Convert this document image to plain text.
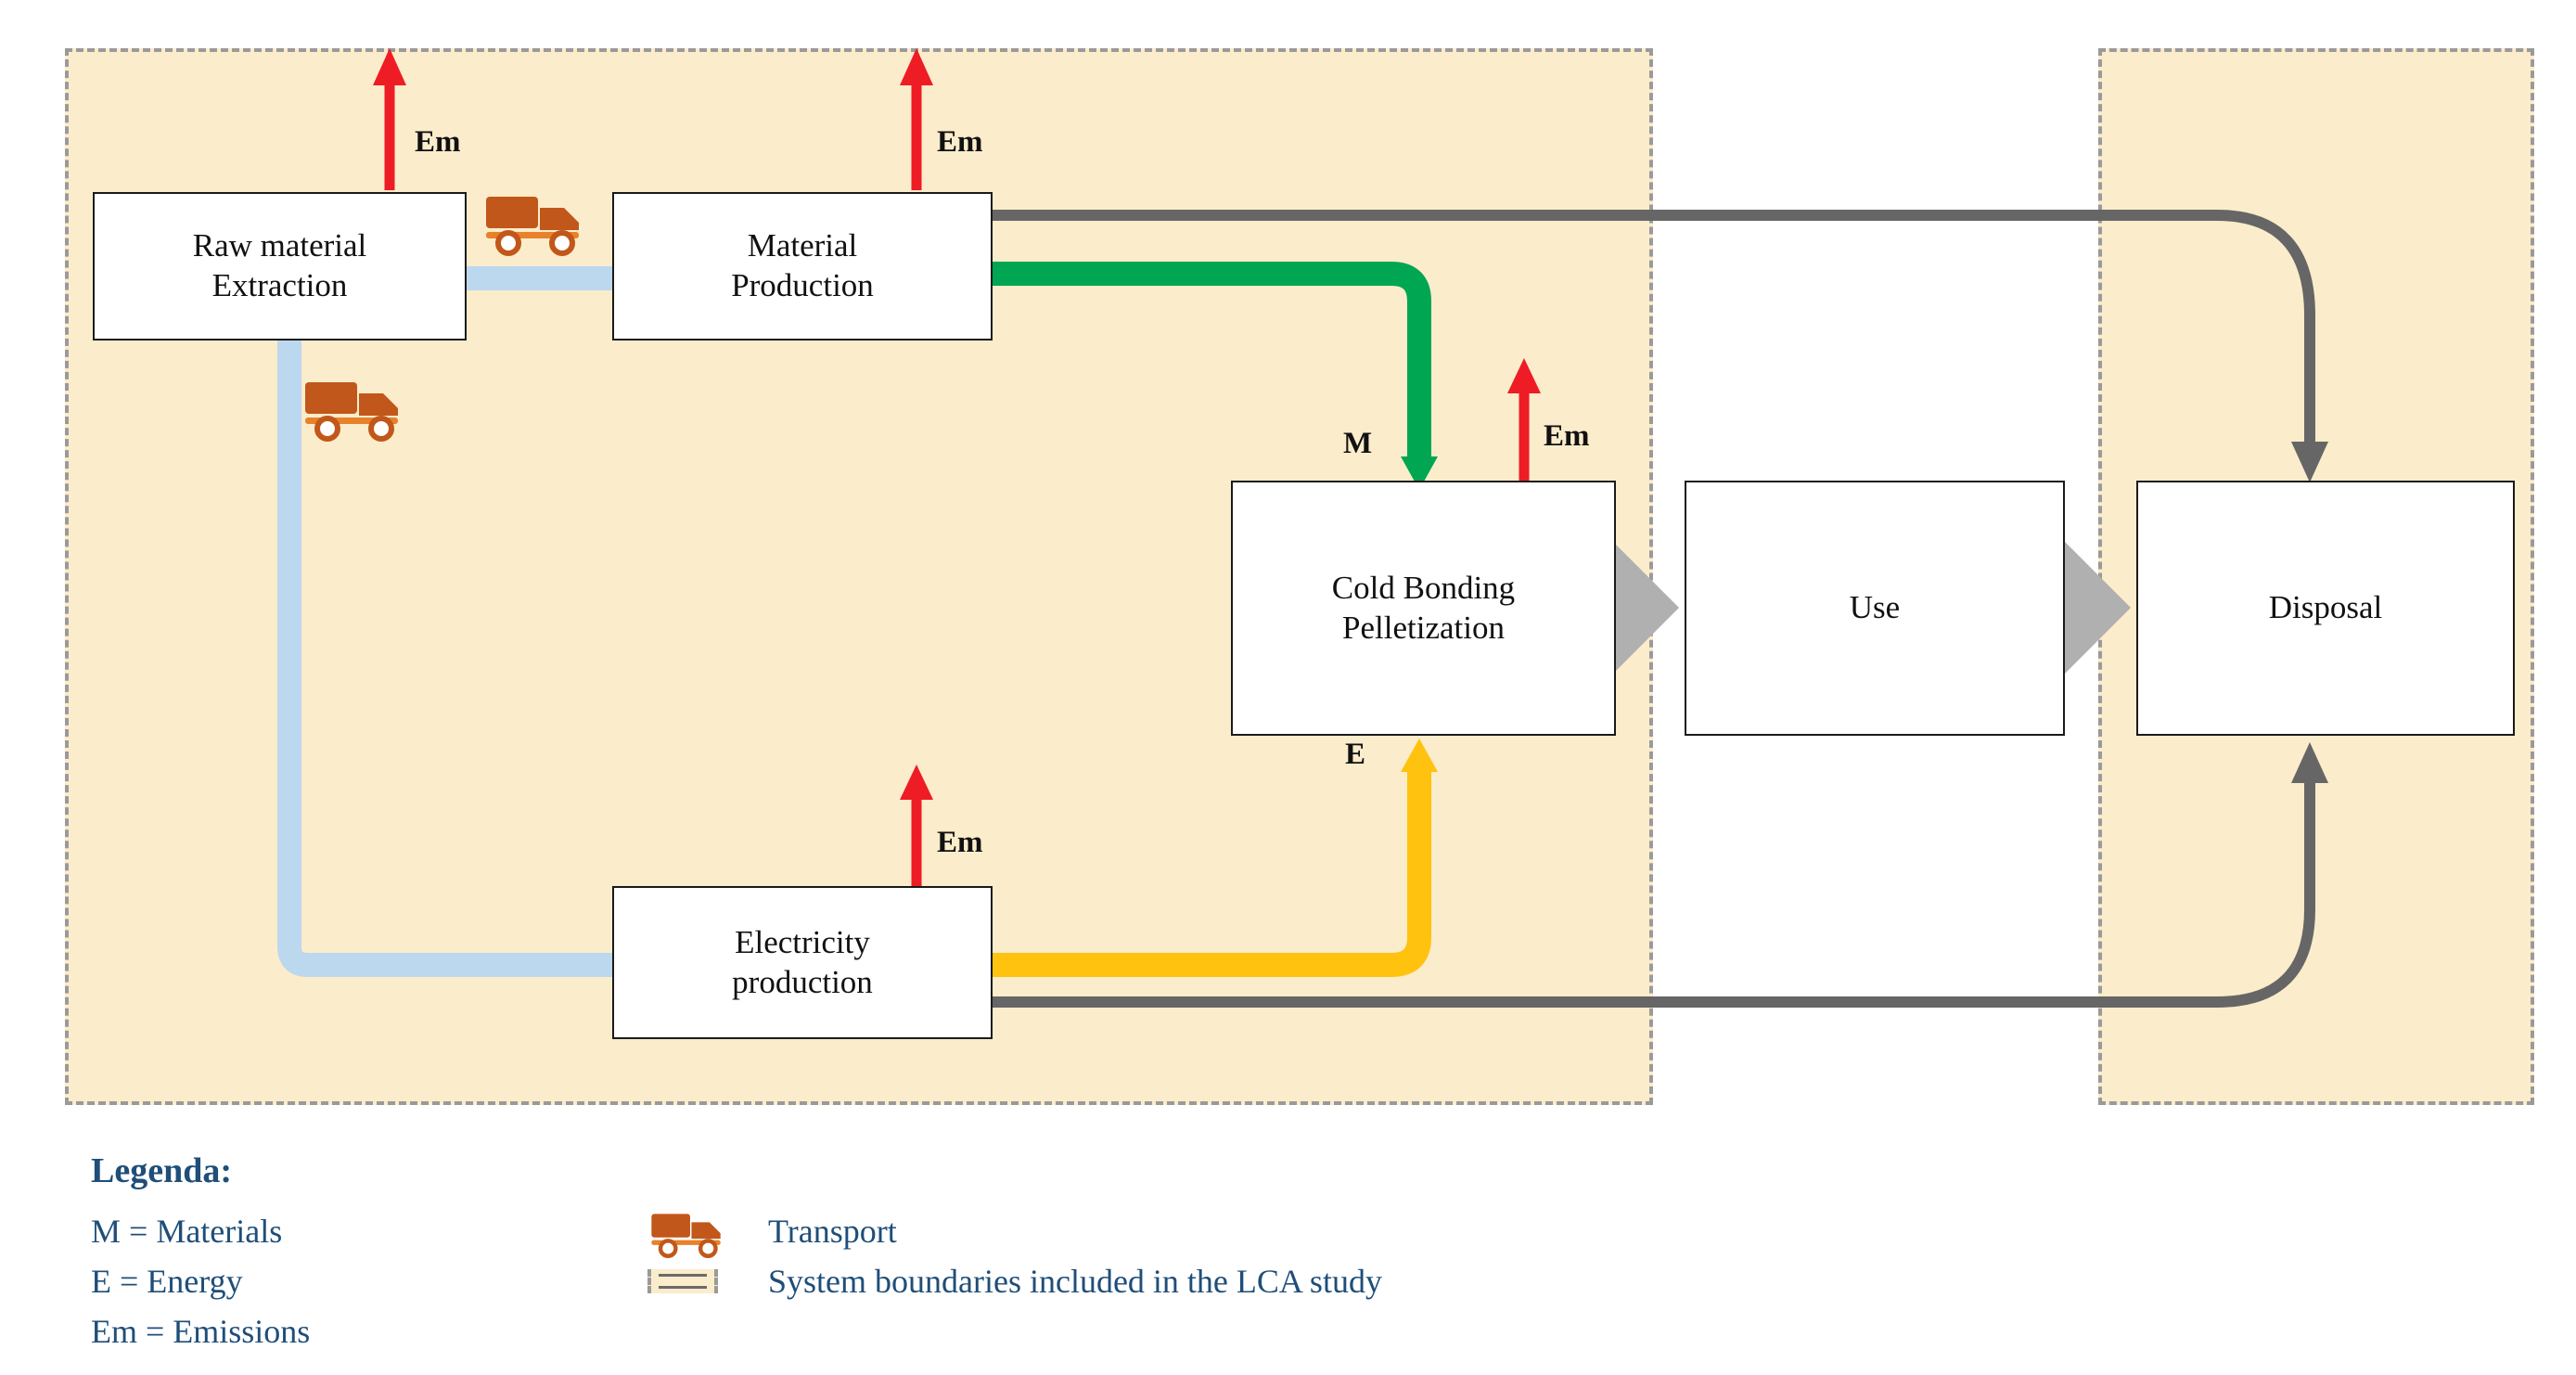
Raw material
Extraction
Material
Production
Cold Bonding
Pelletization
Use	Disposal
Electricity
production
Em	Em
Em
Em
M
E
Legenda:
M = Materials
E = Energy
Em = Emissions
Transport
System boundaries included in the LCA study
